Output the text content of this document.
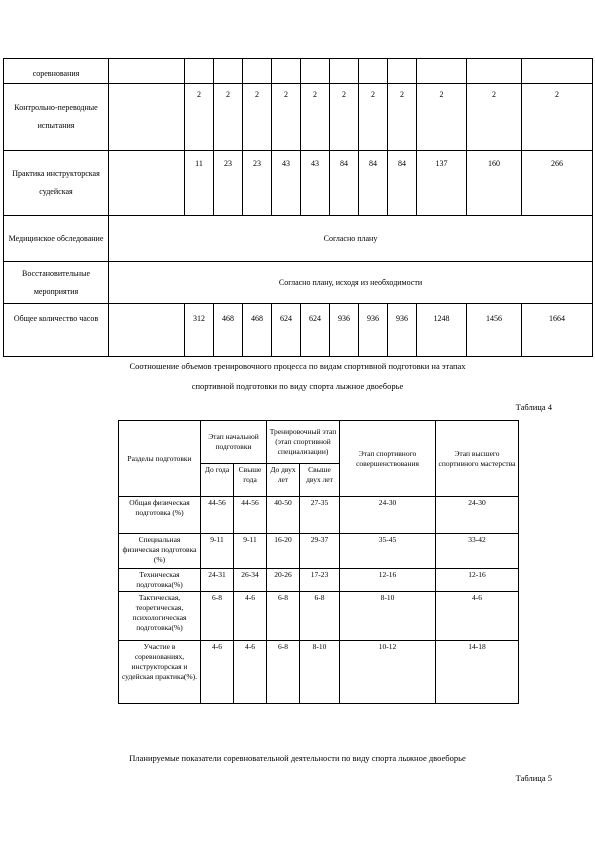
соревнования												
Контрольно-переводные испытания		2	2	2	2	2	2	2	2	2	2	2
Практика инструкторская судейская		11	23	23	43	43	84	84	84	137	160	266
Медицинское обследование	Согласно плану											
Восстановительные мероприятия	Согласно плану, исходя из необходимости											
Общее количество часов		312	468	468	624	624	936	936	936	1248	1456	1664
Соотношение объемов тренировочного процесса по видам спортивной подготовки на этапах
спортивной подготовки по виду спорта лыжное двоеборье
Таблица 4
Разделы подготовки	Этап начальной подготовки		Тренировочный этап (этап спортивной специализации)		Этап спортивного совершенствования	Этап высшего спортивного мастерства
	До года	Свыше года	До двух лет	Свыше двух лет		
Общая физическая подготовка (%)	44-56	44-56	40-50	27-35	24-30	24-30
Специальная физическая подготовка (%)	9-11	9-11	16-20	29-37	35-45	33-42
Техническая подготовка(%)	24-31	26-34	20-26	17-23	12-16	12-16
Тактическая, теоретическая, психологическая подготовка(%)	6-8	4-6	6-8	6-8	8-10	4-6
Участие в соревнованиях, инструкторская и судейская практика(%).	4-6	4-6	6-8	8-10	10-12	14-18
Планируемые показатели соревновательной деятельности по виду спорта лыжное двоеборье
Таблица 5
